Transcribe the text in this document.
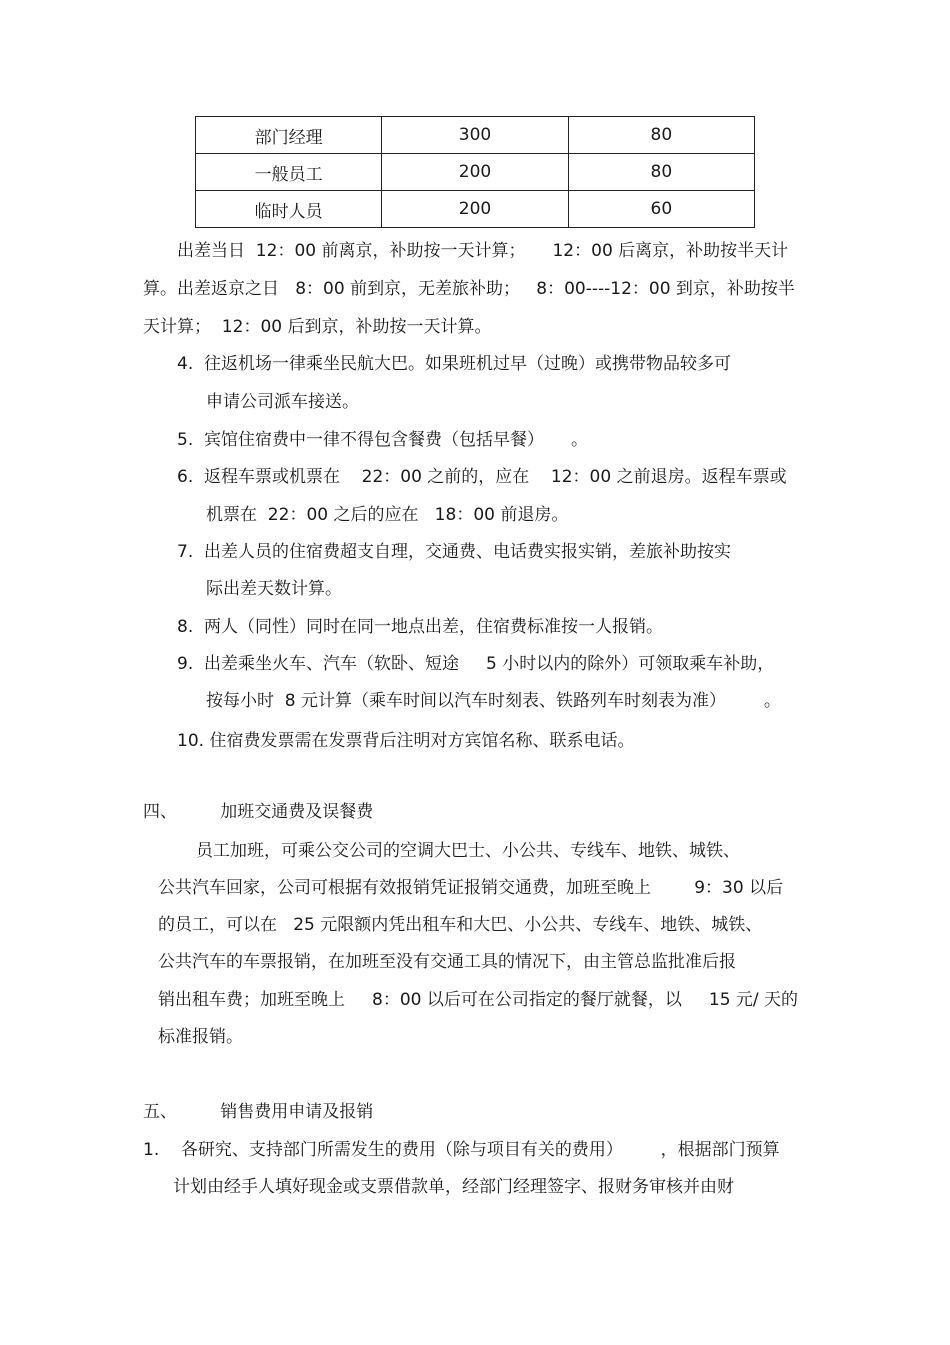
部门经理	300	80
一般员工	200	80
临时人员	200	60
出差当日  12：00 前离京，补助按一天计算；     12：00 后离京，补助按半天计
算。出差返京之日   8：00 前到京，无差旅补助；   8：00----12：00 到京，补助按半
天计算；  12：00 后到京，补助按一天计算。
4.  往返机场一律乘坐民航大巴。如果班机过早（过晚）或携带物品较多可
申请公司派车接送。
5.  宾馆住宿费中一律不得包含餐费（包括早餐）     。
6.  返程车票或机票在    22：00 之前的，应在    12：00 之前退房。返程车票或
机票在  22：00 之后的应在   18：00 前退房。
7.  出差人员的住宿费超支自理，交通费、电话费实报实销，差旅补助按实
际出差天数计算。
8.  两人（同性）同时在同一地点出差，住宿费标准按一人报销。
9.  出差乘坐火车、汽车（软卧、短途     5 小时以内的除外）可领取乘车补助，
按每小时  8 元计算（乘车时间以汽车时刻表、铁路列车时刻表为准）       。
10. 住宿费发票需在发票背后注明对方宾馆名称、联系电话。
四、        加班交通费及误餐费
员工加班，可乘公交公司的空调大巴士、小公共、专线车、地铁、城铁、
公共汽车回家，公司可根据有效报销凭证报销交通费，加班至晚上        9：30 以后
的员工，可以在   25 元限额内凭出租车和大巴、小公共、专线车、地铁、城铁、
公共汽车的车票报销，在加班至没有交通工具的情况下，由主管总监批准后报
销出租车费；加班至晚上     8：00 以后可在公司指定的餐厅就餐，以     15 元/ 天的
标准报销。
五、        销售费用申请及报销
1.    各研究、支持部门所需发生的费用（除与项目有关的费用）       ，根据部门预算
计划由经手人填好现金或支票借款单，经部门经理签字、报财务审核并由财
